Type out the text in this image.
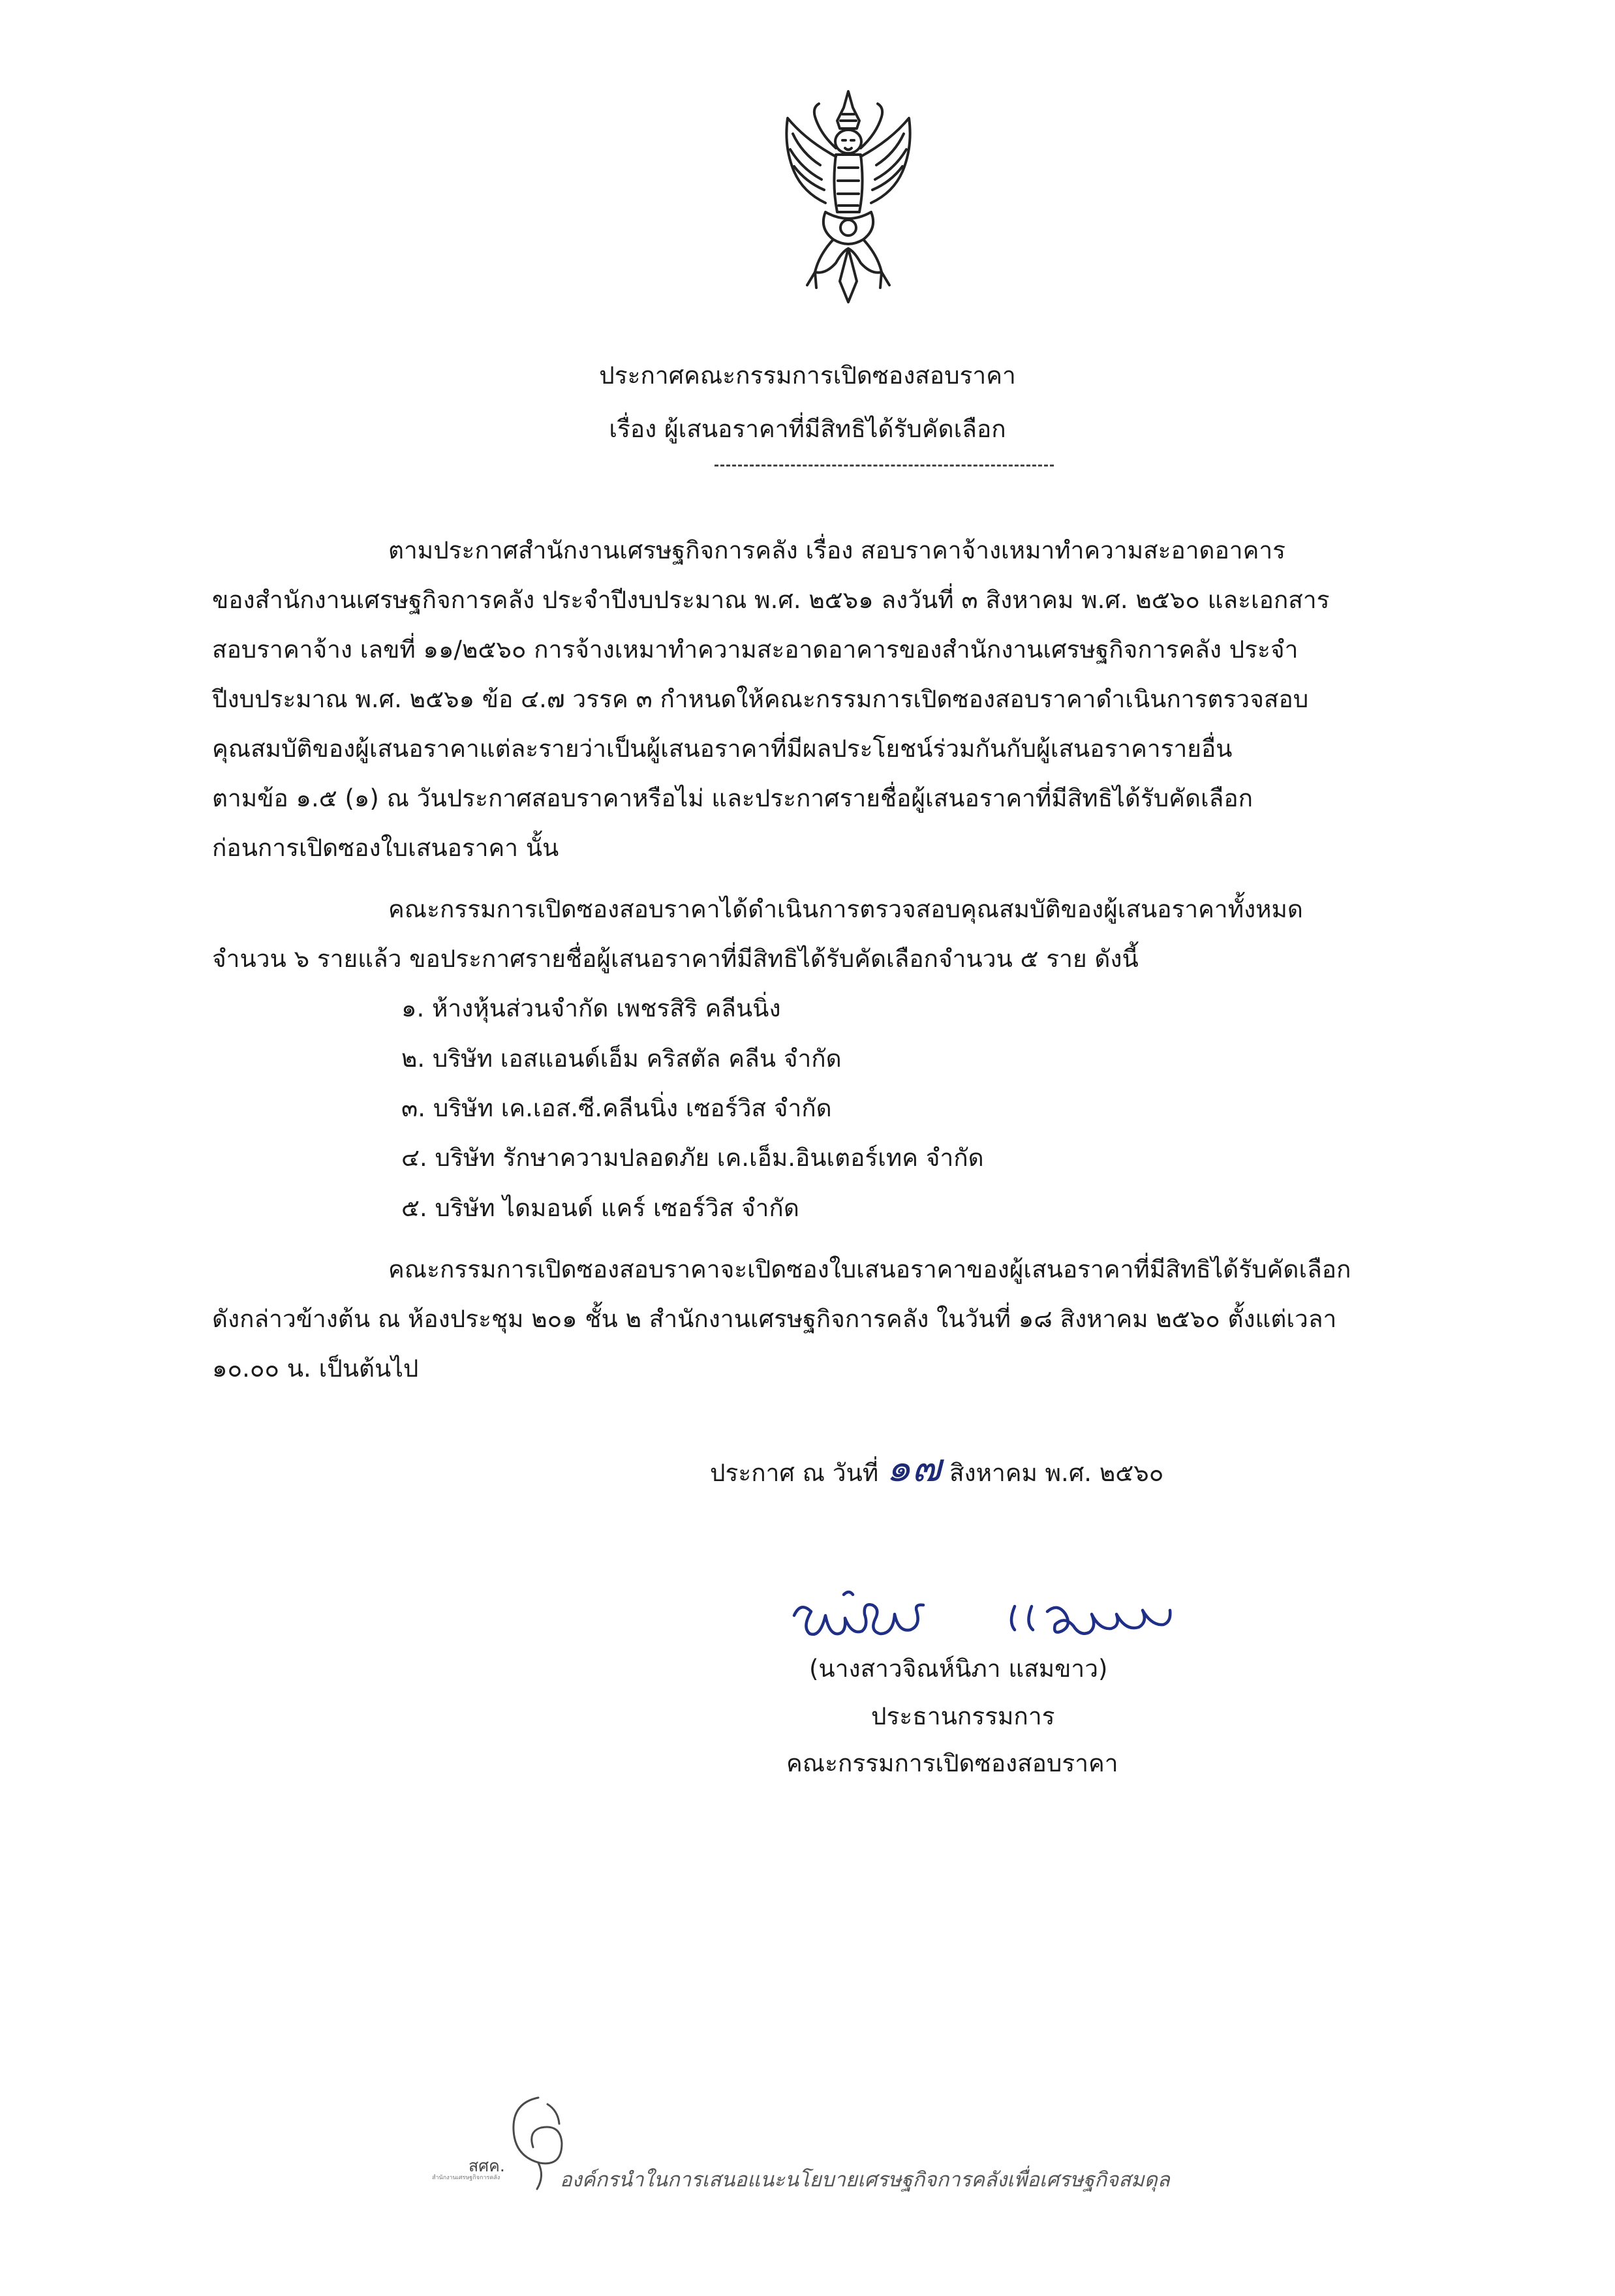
ประกาศคณะกรรมการเปิดซองสอบราคา
เรื่อง ผู้เสนอราคาที่มีสิทธิได้รับคัดเลือก
ตามประกาศสำนักงานเศรษฐกิจการคลัง เรื่อง สอบราคาจ้างเหมาทำความสะอาดอาคาร
ของสำนักงานเศรษฐกิจการคลัง ประจำปีงบประมาณ พ.ศ. ๒๕๖๑ ลงวันที่ ๓ สิงหาคม พ.ศ. ๒๕๖๐ และเอกสาร
สอบราคาจ้าง เลขที่ ๑๑/๒๕๖๐ การจ้างเหมาทำความสะอาดอาคารของสำนักงานเศรษฐกิจการคลัง ประจำ
ปีงบประมาณ พ.ศ. ๒๕๖๑ ข้อ ๔.๗ วรรค ๓ กำหนดให้คณะกรรมการเปิดซองสอบราคาดำเนินการตรวจสอบ
คุณสมบัติของผู้เสนอราคาแต่ละรายว่าเป็นผู้เสนอราคาที่มีผลประโยชน์ร่วมกันกับผู้เสนอราคารายอื่น
ตามข้อ ๑.๕ (๑) ณ วันประกาศสอบราคาหรือไม่ และประกาศรายชื่อผู้เสนอราคาที่มีสิทธิได้รับคัดเลือก
ก่อนการเปิดซองใบเสนอราคา นั้น
คณะกรรมการเปิดซองสอบราคาได้ดำเนินการตรวจสอบคุณสมบัติของผู้เสนอราคาทั้งหมด
จำนวน ๖ รายแล้ว ขอประกาศรายชื่อผู้เสนอราคาที่มีสิทธิได้รับคัดเลือกจำนวน ๕ ราย ดังนี้
๑. ห้างหุ้นส่วนจำกัด เพชรสิริ คลีนนิ่ง
๒. บริษัท เอสแอนด์เอ็ม คริสตัล คลีน จำกัด
๓. บริษัท เค.เอส.ซี.คลีนนิ่ง เซอร์วิส จำกัด
๔. บริษัท รักษาความปลอดภัย เค.เอ็ม.อินเตอร์เทค จำกัด
๕. บริษัท ไดมอนด์ แคร์ เซอร์วิส จำกัด
คณะกรรมการเปิดซองสอบราคาจะเปิดซองใบเสนอราคาของผู้เสนอราคาที่มีสิทธิได้รับคัดเลือก
ดังกล่าวข้างต้น ณ ห้องประชุม ๒๐๑ ชั้น ๒ สำนักงานเศรษฐกิจการคลัง ในวันที่ ๑๘ สิงหาคม ๒๕๖๐ ตั้งแต่เวลา
๑๐.๐๐ น. เป็นต้นไป
ประกาศ ณ วันที่ ๑๗ สิงหาคม พ.ศ. ๒๕๖๐
(นางสาวจิณห์นิภา แสมขาว)
ประธานกรรมการ
คณะกรรมการเปิดซองสอบราคา
สำนักงานเศรษฐกิจการคลัง
สศค.
องค์กรนำในการเสนอแนะนโยบายเศรษฐกิจการคลังเพื่อเศรษฐกิจสมดุล
